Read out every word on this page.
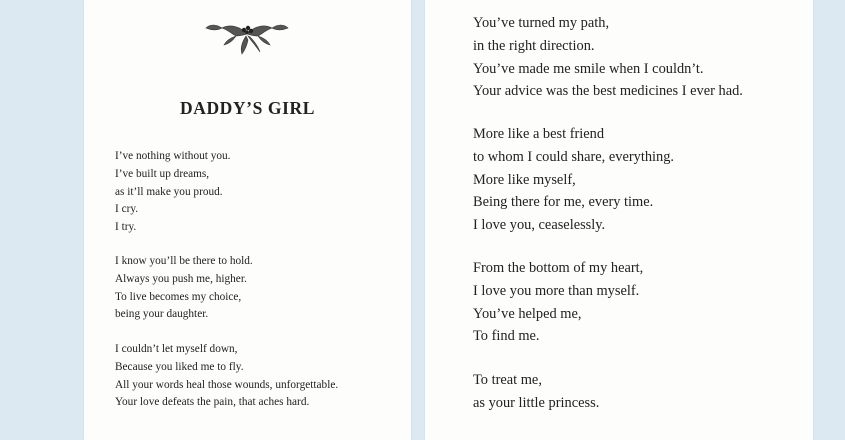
DADDY’S GIRL
I’ve nothing without you.
I’ve built up dreams,
as it’ll make you proud.
I cry.
I try.
I know you’ll be there to hold.
Always you push me, higher.
To live becomes my choice,
being your daughter.
I couldn’t let myself down,
Because you liked me to fly.
All your words heal those wounds, unforgettable.
Your love defeats the pain, that aches hard.
You’ve turned my path,
in the right direction.
You’ve made me smile when I couldn’t.
Your advice was the best medicines I ever had.
More like a best friend
to whom I could share, everything.
More like myself,
Being there for me, every time.
I love you, ceaselessly.
From the bottom of my heart,
I love you more than myself.
You’ve helped me,
To find me.
To treat me,
as your little princess.
